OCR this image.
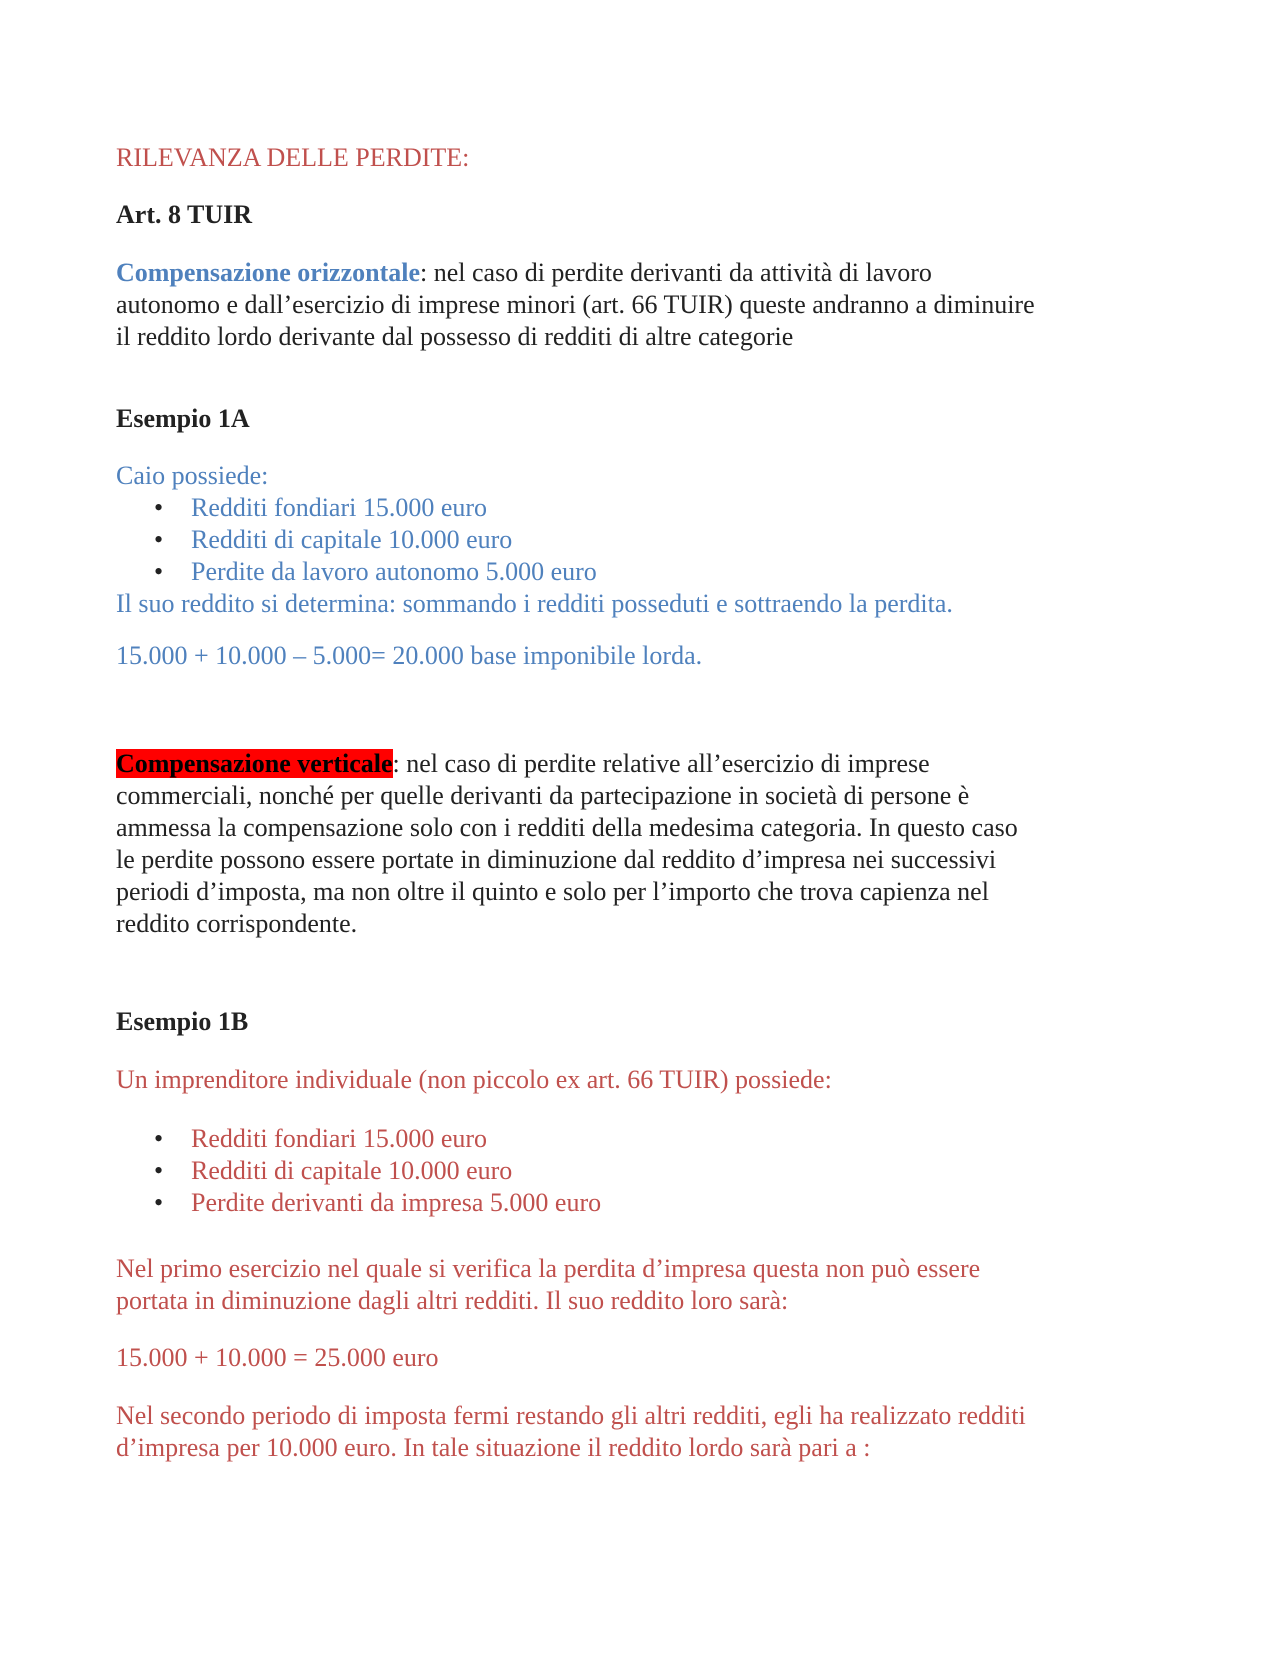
RILEVANZA DELLE PERDITE:
Art. 8 TUIR
Compensazione orizzontale: nel caso di perdite derivanti da attività di lavoro
autonomo e dall’esercizio di imprese minori (art. 66 TUIR) queste andranno a diminuire
il reddito lordo derivante dal possesso di redditi di altre categorie
Esempio 1A
Caio possiede:
• Redditi fondiari 15.000 euro
• Redditi di capitale 10.000 euro
• Perdite da lavoro autonomo 5.000 euro
Il suo reddito si determina: sommando i redditi posseduti e sottraendo la perdita.
15.000 + 10.000 – 5.000= 20.000 base imponibile lorda.
Compensazione verticale: nel caso di perdite relative all’esercizio di imprese
commerciali, nonché per quelle derivanti da partecipazione in società di persone è
ammessa la compensazione solo con i redditi della medesima categoria. In questo caso
le perdite possono essere portate in diminuzione dal reddito d’impresa nei successivi
periodi d’imposta, ma non oltre il quinto e solo per l’importo che trova capienza nel
reddito corrispondente.
Esempio 1B
Un imprenditore individuale (non piccolo ex art. 66 TUIR) possiede:
• Redditi fondiari 15.000 euro
• Redditi di capitale 10.000 euro
• Perdite derivanti da impresa 5.000 euro
Nel primo esercizio nel quale si verifica la perdita d’impresa questa non può essere
portata in diminuzione dagli altri redditi. Il suo reddito loro sarà:
15.000 + 10.000 = 25.000 euro
Nel secondo periodo di imposta fermi restando gli altri redditi, egli ha realizzato redditi
d’impresa per 10.000 euro. In tale situazione il reddito lordo sarà pari a :
